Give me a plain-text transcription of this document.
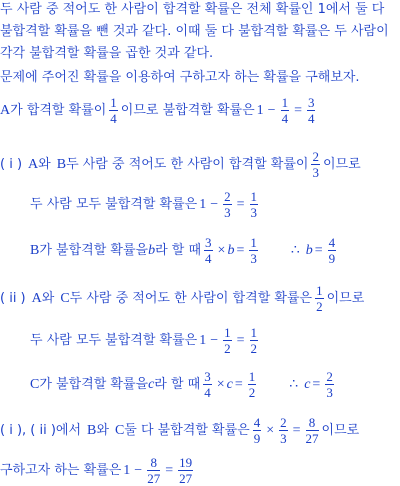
두 사람 중 적어도 한 사람이 합격할 확률은 전체 확률인 1에서 둘 다
불합격할 확률을 뺀 것과 같다. 이때 둘 다 불합격할 확률은 두 사람이
각각 불합격할 확률을 곱한 것과 같다.
문제에 주어진 확률을 이용하여 구하고자 하는 확률을 구해보자.
A 가 합격할 확률이 $\frac{1}{4}$ 이므로 불합격할 확률은 $1 - \frac{1}{4} = \frac{3}{4}$
( i ) A 와 B 두 사람 중 적어도 한 사람이 합격할 확률이 $\frac{2}{3}$ 이므로
두 사람 모두 불합격할 확률은 $1 - \frac{2}{3} = \frac{1}{3}$
B 가 불합격할 확률을 b 라 할 때 $\frac{3}{4} \times b = \frac{1}{3}$ ∴ $b = \frac{4}{9}$
( ii ) A 와 C 두 사람 중 적어도 한 사람이 합격할 확률은 $\frac{1}{2}$ 이므로
두 사람 모두 불합격할 확률은 $1 - \frac{1}{2} = \frac{1}{2}$
C 가 불합격할 확률을 c 라 할 때 $\frac{3}{4} \times c = \frac{1}{2}$ ∴ $c = \frac{2}{3}$
( i ), ( ii )에서 B 와 C 둘 다 불합격할 확률은 $\frac{4}{9} \times \frac{2}{3} = \frac{8}{27}$ 이므로
구하고자 하는 확률은 $1 - \frac{8}{27} = \frac{19}{27}$
